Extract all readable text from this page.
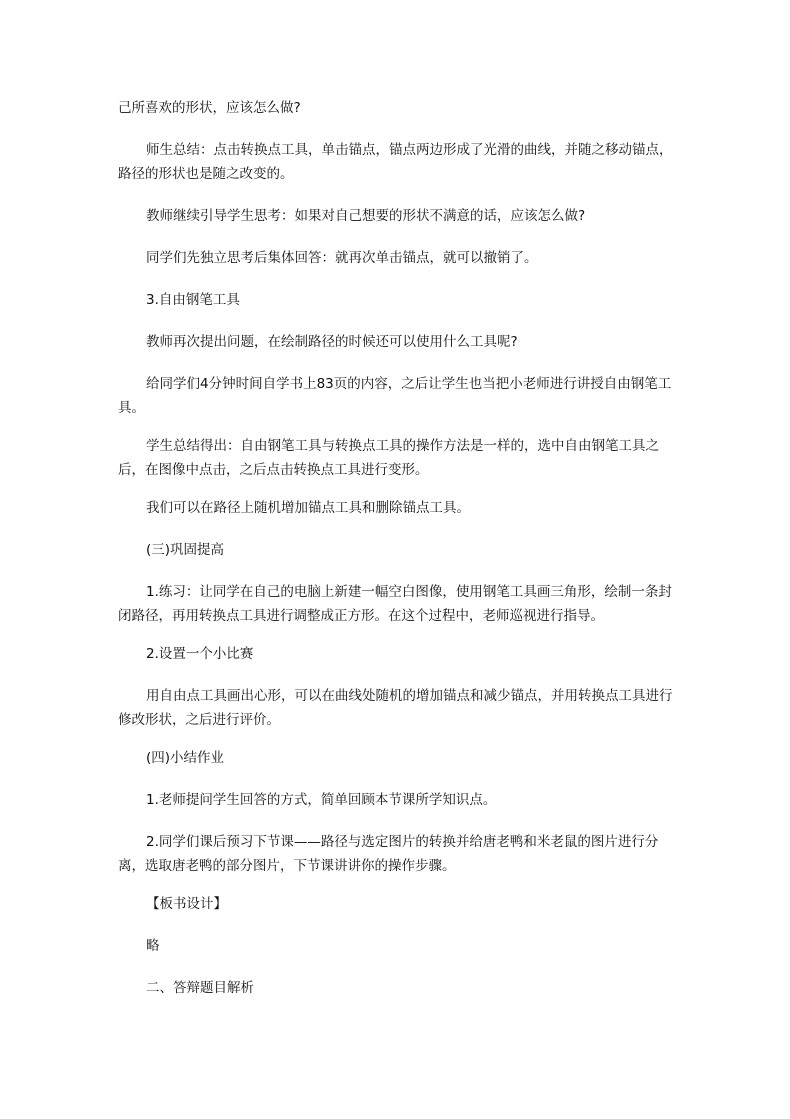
己所喜欢的形状，应该怎么做?

师生总结：点击转换点工具，单击锚点，锚点两边形成了光滑的曲线，并随之移动锚点，路径的形状也是随之改变的。

教师继续引导学生思考：如果对自己想要的形状不满意的话，应该怎么做?

同学们先独立思考后集体回答：就再次单击锚点，就可以撤销了。

3.自由钢笔工具

教师再次提出问题，在绘制路径的时候还可以使用什么工具呢?

给同学们4分钟时间自学书上83页的内容，之后让学生也当把小老师进行讲授自由钢笔工具。

学生总结得出：自由钢笔工具与转换点工具的操作方法是一样的，选中自由钢笔工具之后，在图像中点击，之后点击转换点工具进行变形。

我们可以在路径上随机增加锚点工具和删除锚点工具。

(三)巩固提高

1.练习：让同学在自己的电脑上新建一幅空白图像，使用钢笔工具画三角形，绘制一条封闭路径，再用转换点工具进行调整成正方形。在这个过程中，老师巡视进行指导。

2.设置一个小比赛

用自由点工具画出心形，可以在曲线处随机的增加锚点和减少锚点，并用转换点工具进行修改形状，之后进行评价。

(四)小结作业

1.老师提问学生回答的方式，简单回顾本节课所学知识点。

2.同学们课后预习下节课——路径与选定图片的转换并给唐老鸭和米老鼠的图片进行分离，选取唐老鸭的部分图片，下节课讲讲你的操作步骤。

【板书设计】

略

二、答辩题目解析
